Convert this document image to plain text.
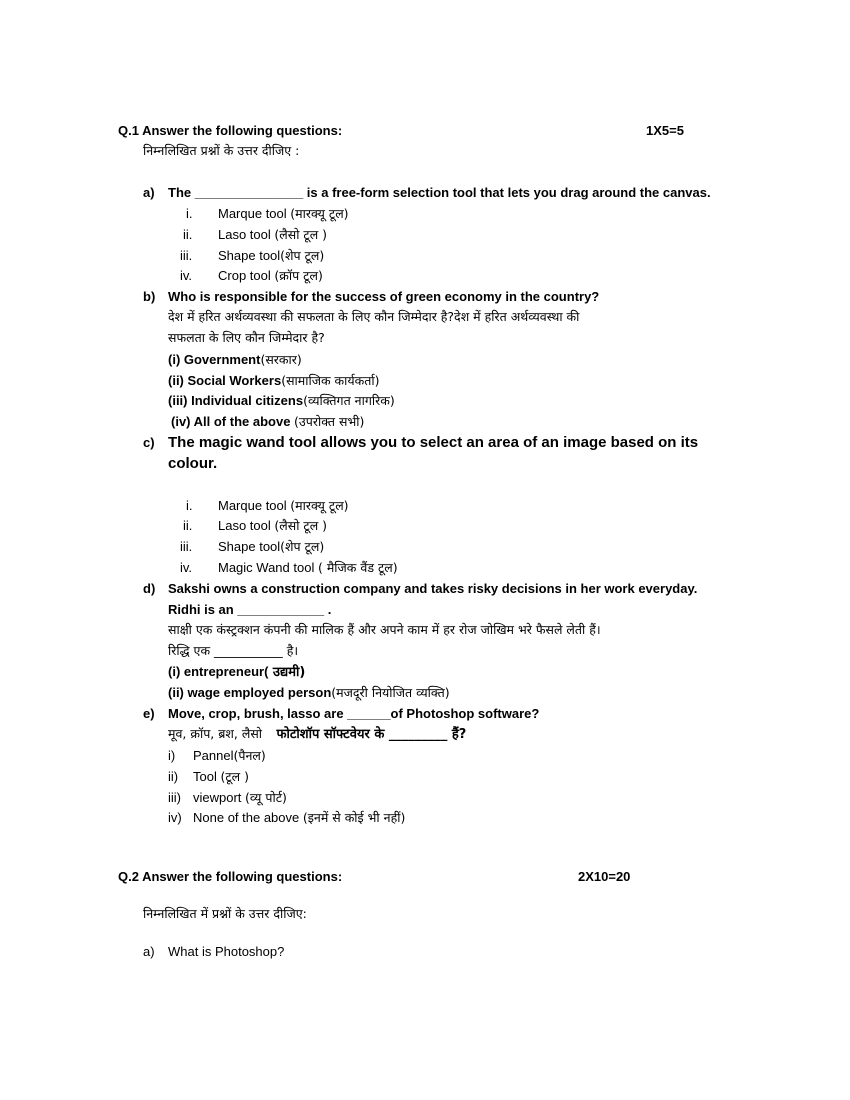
Q.1 Answer the following questions:	1X5=5
निम्नलिखित प्रश्नों के उत्तर दीजिए :
a) The _______________ is a free-form selection tool that lets you drag around the canvas.
i. Marque tool (मारक्यू टूल)
ii. Laso tool (लैसो टूल )
iii. Shape tool(शेप टूल)
iv. Crop tool (क्रॉप टूल)
b) Who is responsible for the success of green economy in the country?
देश में हरित अर्थव्यवस्था की सफलता के लिए कौन जिम्मेदार है?देश में हरित अर्थव्यवस्था की
सफलता के लिए कौन जिम्मेदार है?
(i) Government(सरकार)
(ii) Social Workers(सामाजिक कार्यकर्ता)
(iii) Individual citizens(व्यक्तिगत नागरिक)
(iv) All of the above (उपरोक्त सभी)
c) The magic wand tool allows you to select an area of an image based on its
colour.
i. Marque tool (मारक्यू टूल)
ii. Laso tool (लैसो टूल )
iii. Shape tool(शेप टूल)
iv. Magic Wand tool ( मैजिक वैंड टूल)
d) Sakshi owns a construction company and takes risky decisions in her work everyday.
Ridhi is an ____________ .
साक्षी एक कंस्ट्रक्शन कंपनी की मालिक हैं और अपने काम में हर रोज जोखिम भरे फैसले लेती हैं।
रिद्धि एक ___________ है।
(i) entrepreneur( उद्यमी)
(ii) wage employed person(मजदूरी नियोजित व्यक्ति)
e) Move, crop, brush, lasso are ______of Photoshop software?
मूव, क्रॉप, ब्रश, लैसो फोटोशॉप सॉफ्टवेयर के _________ हैं?
i) Pannel(पैनल)
ii) Tool (टूल )
iii) viewport (व्यू पोर्ट)
iv) None of the above (इनमें से कोई भी नहीं)
Q.2 Answer the following questions:	2X10=20
निम्नलिखित में प्रश्नों के उत्तर दीजिए:
a) What is Photoshop?
